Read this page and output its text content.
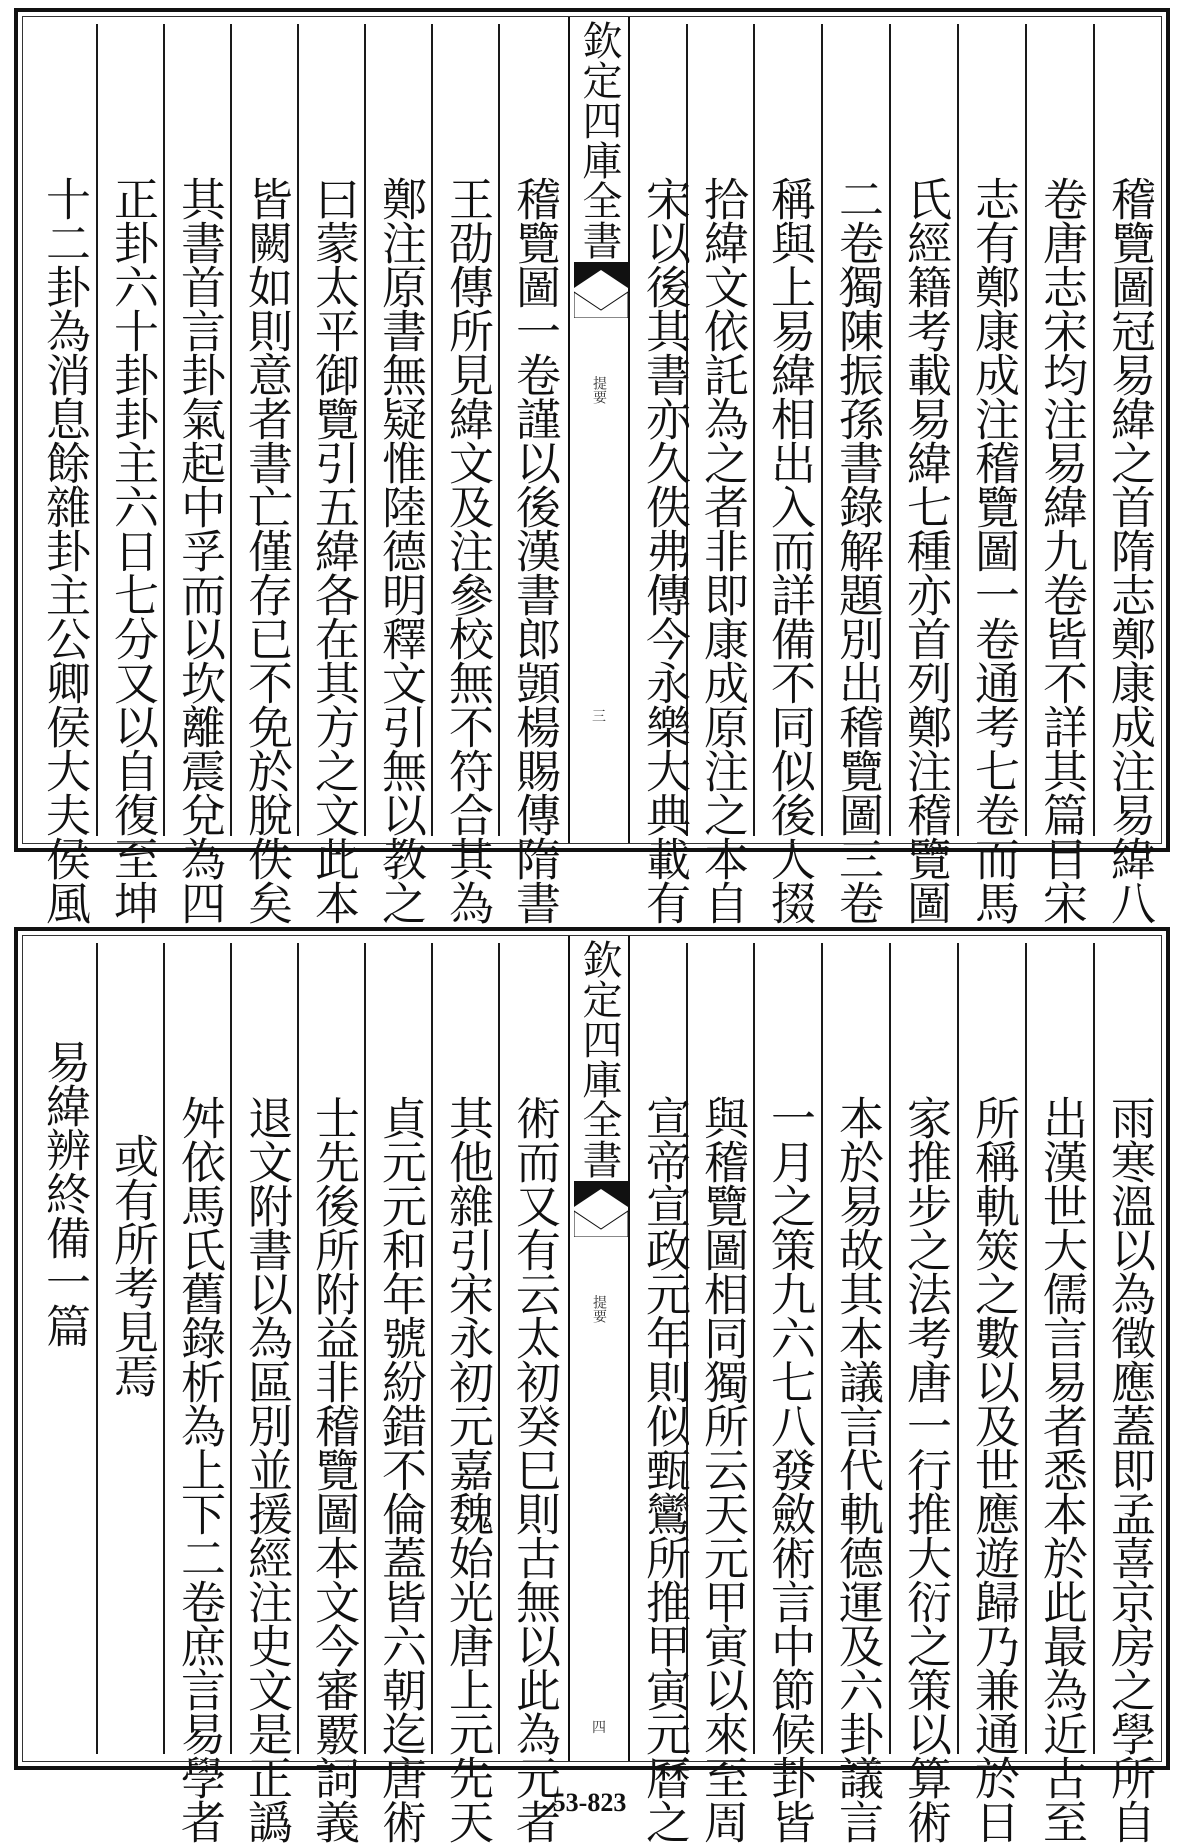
欽定四庫全書
提要
三	稽覽圖冠易緯之首隋志鄭康成注易緯八
卷唐志宋均注易緯九卷皆不詳其篇目宋
志有鄭康成注稽覽圖一卷通考七卷而馬
氏經籍考載易緯七種亦首列鄭注稽覽圖
二卷獨陳振孫書錄解題別出稽覽圖三卷
稱與上易緯相出入而詳備不同似後人掇
拾緯文依託為之者非即康成原注之本自
宋以後其書亦久佚弗傳今永樂大典載有
稽覽圖一卷謹以後漢書郎顗楊賜傳隋書
王劭傳所見緯文及注參校無不符合其為
鄭注原書無疑惟陸德明釋文引無以教之
曰蒙太平御覽引五緯各在其方之文此本
皆闕如則意者書亡僅存已不免於脫佚矣
其書首言卦氣起中孚而以坎離震兌為四
正卦六十卦卦主六日七分又以自復至坤
十二卦為消息餘雜卦主公卿侯大夫侯風
欽定四庫全書
提要
四	雨寒溫以為徵應蓋即孟喜京房之學所自
出漢世大儒言易者悉本於此最為近古至
所稱軌筴之數以及世應遊歸乃兼通於日
家推步之法考唐一行推大衍之策以算術
本於易故其本議言代軌德運及六卦議言
一月之策九六七八發斂術言中節候卦皆
與稽覽圖相同獨所云天元甲寅以來至周
宣帝宣政元年則似甄鸞所推甲寅元曆之
術而又有云太初癸巳則古無以此為元者
其他雜引宋永初元嘉魏始光唐上元先天
貞元元和年號紛錯不倫蓋皆六朝迄唐術
士先後所附益非稽覽圖本文今審覈詞義
退文附書以為區別並援經注史文是正譌
舛依馬氏舊錄析為上下二卷庶言易學者
或有所考見焉
易緯辨終備一篇
53-823
